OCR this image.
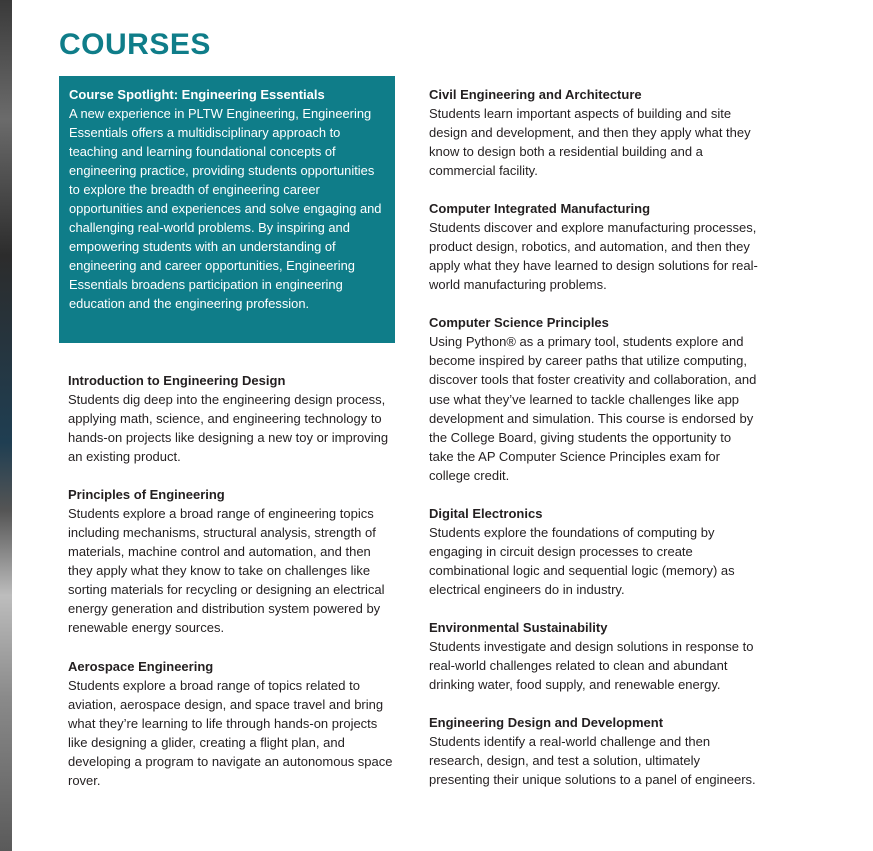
COURSES
Course Spotlight: Engineering Essentials
A new experience in PLTW Engineering, Engineering Essentials offers a multidisciplinary approach to teaching and learning foundational concepts of engineering practice, providing students opportunities to explore the breadth of engineering career opportunities and experiences and solve engaging and challenging real-world problems. By inspiring and empowering students with an understanding of engineering and career opportunities, Engineering Essentials broadens participation in engineering education and the engineering profession.
Introduction to Engineering Design
Students dig deep into the engineering design process, applying math, science, and engineering technology to hands-on projects like designing a new toy or improving an existing product.
Principles of Engineering
Students explore a broad range of engineering topics including mechanisms, structural analysis, strength of materials, machine control and automation, and then they apply what they know to take on challenges like sorting materials for recycling or designing an electrical energy generation and distribution system powered by renewable energy sources.
Aerospace Engineering
Students explore a broad range of topics related to aviation, aerospace design, and space travel and bring what they’re learning to life through hands-on projects like designing a glider, creating a flight plan, and developing a program to navigate an autonomous space rover.
Civil Engineering and Architecture
Students learn important aspects of building and site design and development, and then they apply what they know to design both a residential building and a commercial facility.
Computer Integrated Manufacturing
Students discover and explore manufacturing processes, product design, robotics, and automation, and then they apply what they have learned to design solutions for real-world manufacturing problems.
Computer Science Principles
Using Python® as a primary tool, students explore and become inspired by career paths that utilize computing, discover tools that foster creativity and collaboration, and use what they’ve learned to tackle challenges like app development and simulation. This course is endorsed by the College Board, giving students the opportunity to take the AP Computer Science Principles exam for college credit.
Digital Electronics
Students explore the foundations of computing by engaging in circuit design processes to create combinational logic and sequential logic (memory) as electrical engineers do in industry.
Environmental Sustainability
Students investigate and design solutions in response to real-world challenges related to clean and abundant drinking water, food supply, and renewable energy.
Engineering Design and Development
Students identify a real-world challenge and then research, design, and test a solution, ultimately presenting their unique solutions to a panel of engineers.
